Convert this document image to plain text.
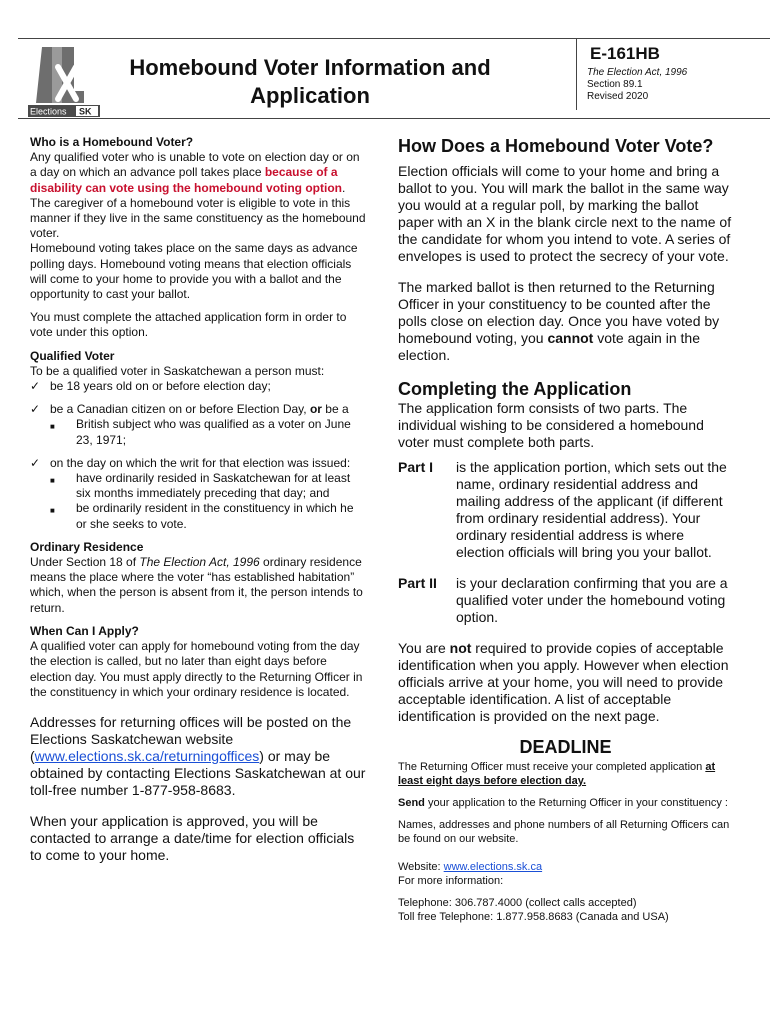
Elections SK
Homebound Voter Information and
Application
E-161HB
The Election Act, 1996
Section 89.1
Revised 2020

Who is a Homebound Voter?

Any qualified voter who is unable to vote on election day or on a day on which an advance poll takes place because of a disability can vote using the homebound voting option. The caregiver of a homebound voter is eligible to vote in this manner if they live in the same constituency as the homebound voter.

Homebound voting takes place on the same days as advance polling days. Homebound voting means that election officials will come to your home to provide you with a ballot and the opportunity to cast your ballot.

You must complete the attached application form in order to vote under this option.

Qualified Voter

To be a qualified voter in Saskatchewan a person must:

✓ be 18 years old on or before election day;
✓ be a Canadian citizen on or before Election Day, or be a
■	British subject who was qualified as a voter on June 23, 1971;
✓ on the day on which the writ for that election was issued:
■	have ordinarily resided in Saskatchewan for at least six months immediately preceding that day; and
■	be ordinarily resident in the constituency in which he or she seeks to vote.

Ordinary Residence

Under Section 18 of The Election Act, 1996 ordinary residence means the place where the voter “has established habitation” which, when the person is absent from it, the person intends to return.

When Can I Apply?

A qualified voter can apply for homebound voting from the day the election is called, but no later than eight days before election day. You must apply directly to the Returning Officer in the constituency in which your ordinary residence is located.

Addresses for returning offices will be posted on the Elections Saskatchewan website (www.elections.sk.ca/returningoffices) or may be obtained by contacting Elections Saskatchewan at our toll-free number 1-877-958-8683.

When your application is approved, you will be contacted to arrange a date/time for election officials to come to your home.

How Does a Homebound Voter Vote?

Election officials will come to your home and bring a ballot to you. You will mark the ballot in the same way you would at a regular poll, by marking the ballot paper with an X in the blank circle next to the name of the candidate for whom you intend to vote. A series of envelopes is used to protect the secrecy of your vote.

The marked ballot is then returned to the Returning Officer in your constituency to be counted after the polls close on election day. Once you have voted by homebound voting, you cannot vote again in the election.

Completing the Application

The application form consists of two parts. The individual wishing to be considered a homebound voter must complete both parts.

Part I	is the application portion, which sets out the name, ordinary residential address and mailing address of the applicant (if different from ordinary residential address). Your ordinary residential address is where election officials will bring you your ballot.
Part II	is your declaration confirming that you are a qualified voter under the homebound voting option.

You are not required to provide copies of acceptable identification when you apply. However when election officials arrive at your home, you will need to provide acceptable identification. A list of acceptable identification is provided on the next page.

DEADLINE

The Returning Officer must receive your completed application at least eight days before election day.

Send your application to the Returning Officer in your constituency :

Names, addresses and phone numbers of all Returning Officers can be found on our website.

Website: www.elections.sk.ca

For more information:

Telephone: 306.787.4000 (collect calls accepted)

Toll free Telephone: 1.877.958.8683 (Canada and USA)
